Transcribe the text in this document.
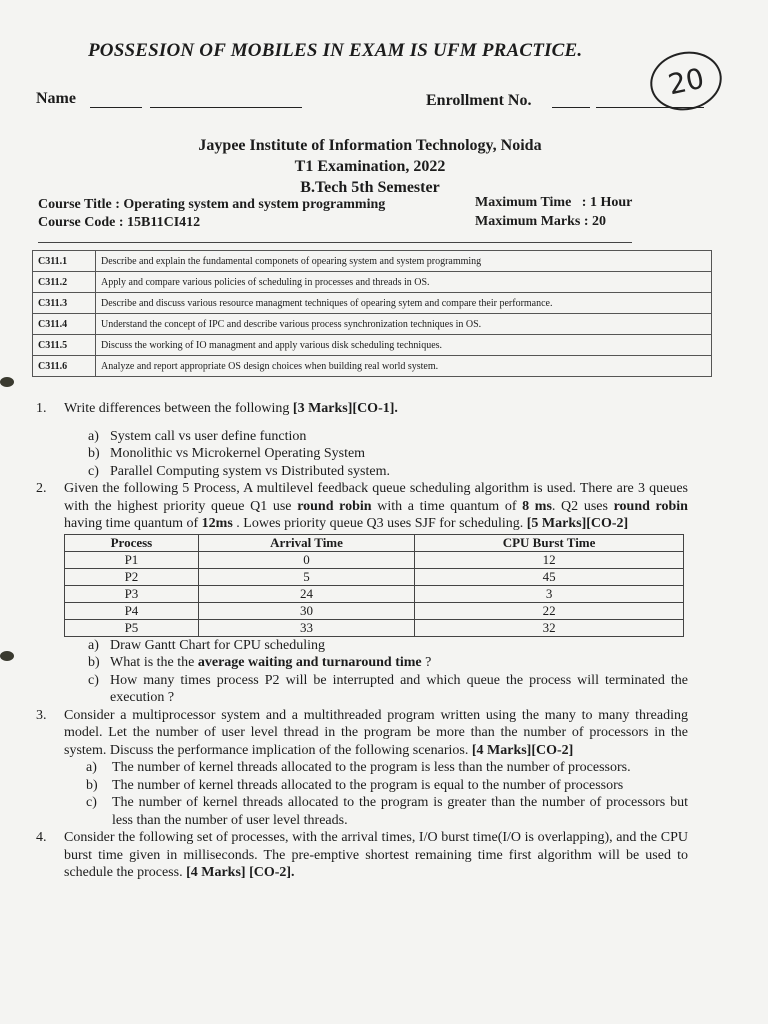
POSSESION OF MOBILES IN EXAM IS UFM PRACTICE.
20
Name	Enrollment No.
Jaypee Institute of Information Technology, Noida
T1 Examination, 2022
B.Tech 5th Semester
Course Title : Operating system and system programming
Course Code : 15B11CI412
Maximum Time   : 1 Hour
Maximum Marks : 20
C311.1	Describe and explain the fundamental componets of opearing system and system programming
C311.2	Apply and compare various policies of scheduling in processes and threads in OS.
C311.3	Describe and discuss various resource managment techniques of opearing sytem and compare their performance.
C311.4	Understand the concept of IPC and describe various process synchronization techniques in OS.
C311.5	Discuss the working of IO managment and apply various disk scheduling techniques.
C311.6	Analyze and report appropriate OS design choices when building real world system.
1. Write differences between the following [3 Marks][CO-1].
a) System call vs user define function
b) Monolithic vs Microkernel Operating System
c) Parallel Computing system vs Distributed system.
2. Given the following 5 Process, A multilevel feedback queue scheduling algorithm is used. There are 3 queues with the highest priority queue Q1 use round robin with a time quantum of 8 ms. Q2 uses round robin having time quantum of 12ms . Lowes priority queue Q3 uses SJF for scheduling. [5 Marks][CO-2]
Process	Arrival Time	CPU Burst Time
P1	0	12
P2	5	45
P3	24	3
P4	30	22
P5	33	32
a) Draw Gantt Chart for CPU scheduling
b) What is the the average waiting and turnaround time ?
c) How many times process P2 will be interrupted and which queue the process will terminated the execution ?
3. Consider a multiprocessor system and a multithreaded program written using the many to many threading model. Let the number of user level thread in the program be more than the number of processors in the system. Discuss the performance implication of the following scenarios. [4 Marks][CO-2]
a) The number of kernel threads allocated to the program is less than the number of processors.
b) The number of kernel threads allocated to the program is equal to the number of processors
c) The number of kernel threads allocated to the program is greater than the number of processors but less than the number of user level threads.
4. Consider the following set of processes, with the arrival times, I/O burst time(I/O is overlapping), and the CPU burst time given in milliseconds. The pre-emptive shortest remaining time first algorithm will be used to schedule the process. [4 Marks] [CO-2].
